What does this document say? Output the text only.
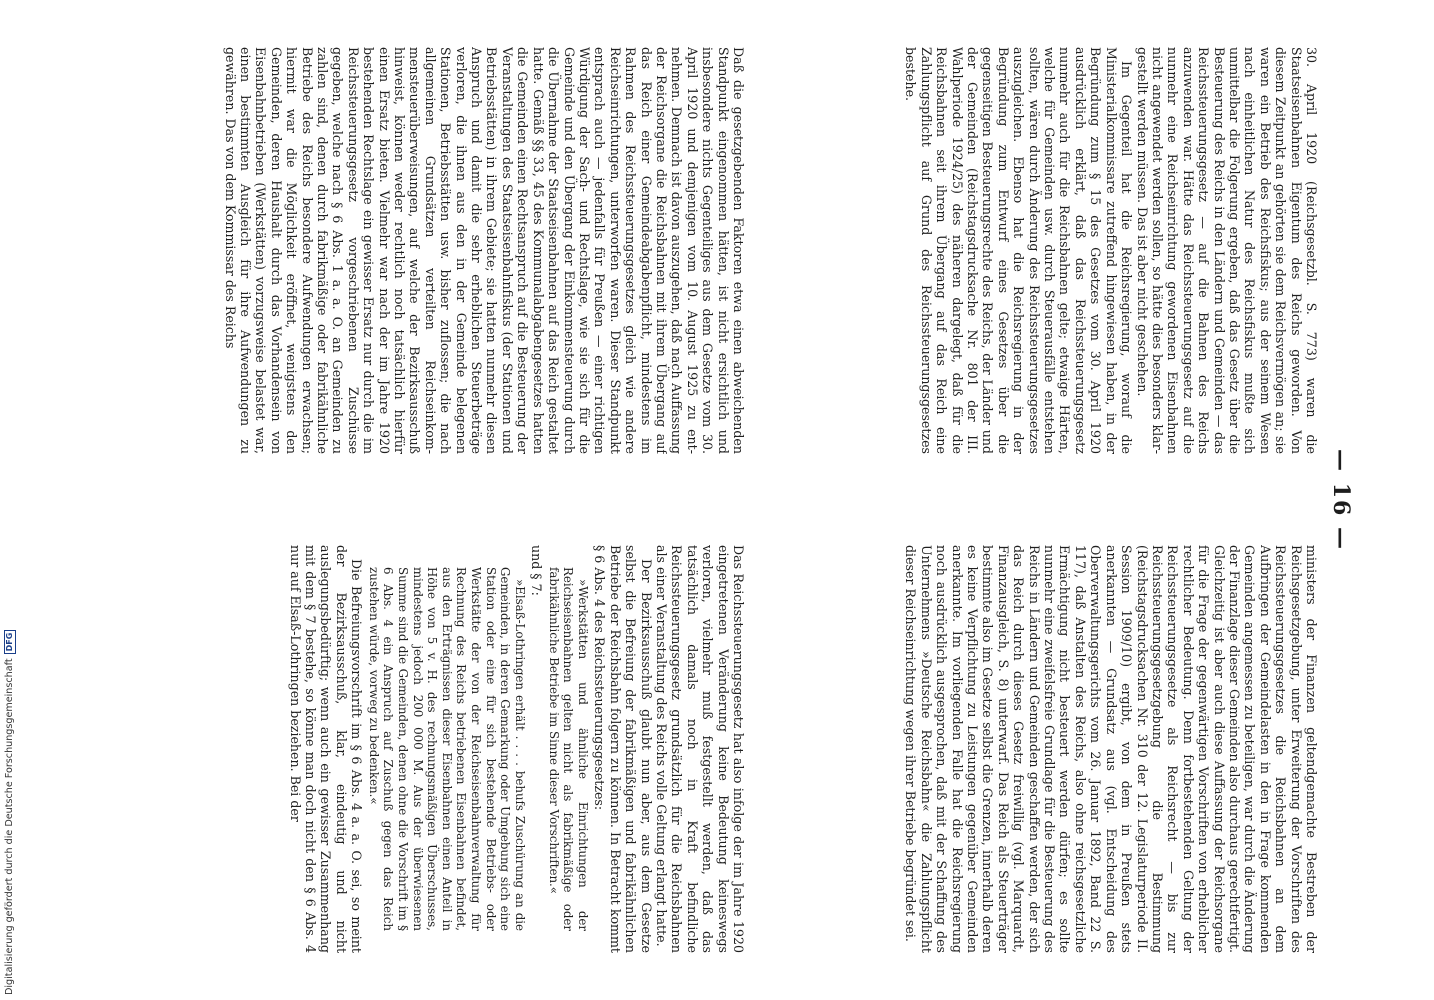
— 16 —

30. April 1920 (Reichsgesetzbl. S. 773) waren die Staatseisenbahnen Eigentum des Reichs geworden. Von diesem Zeitpunkt an gehörten sie dem Reichsvermögen an; sie waren ein Betrieb des Reichsfiskus; aus der seinem Wesen nach einheitlichen Natur des Reichsfiskus mußte sich unmittelbar die Folgerung ergeben, daß das Gesetz über die Besteuerung des Reichs in den Ländern und Gemeinden — das Reichssteuerungsgesetz — auf die Bahnen des Reichs anzuwenden war. Hätte das Reichssteuerungsgesetz auf die nunmehr eine Reichseinrichtung gewordenen Eisenbahnen nicht angewendet werden sollen, so hätte dies besonders klargestellt werden müssen. Das ist aber nicht geschehen.

Im Gegenteil hat die Reichsregierung, worauf die Ministerialkommissare zutreffend hingewiesen haben, in der Begründung zum § 15 des Gesetzes vom 30. April 1920 ausdrücklich erklärt, daß das Reichssteuerungsgesetz nunmehr auch für die Reichsbahnen gelte; etwaige Härten, welche für Gemeinden usw. durch Steuerausfälle entstehen sollten, wären durch Änderung des Reichssteuerungsgesetzes auszugleichen. Ebenso hat die Reichsregierung in der Begründung zum Entwurf eines Gesetzes über die gegenseitigen Besteuerungsrechte des Reichs, der Länder und der Gemeinden (Reichstagsdrucksache Nr. 801 der III. Wahlperiode 1924/25) des näheren dargelegt, daß für die Reichsbahnen seit ihrem Übergang auf das Reich eine Zahlungspflicht auf Grund des Reichssteuerungsgesetzes bestehe.

Daß die gesetzgebenden Faktoren etwa einen abweichenden Standpunkt eingenommen hätten, ist nicht ersichtlich und insbesondere nichts Gegenteiliges aus dem Gesetze vom 30. April 1920 und demjenigen vom 10. August 1925 zu entnehmen. Demnach ist davon auszugehen, daß nach Auffassung der Reichsorgane die Reichsbahnen mit ihrem Übergang auf das Reich einer Gemeindeabgabenpflicht, mindestens im Rahmen des Reichssteuerungsgesetzes gleich wie andere Reichseinrichtungen, unterworfen waren. Dieser Standpunkt entsprach auch — jedenfalls für Preußen — einer richtigen Würdigung der Sach- und Rechtslage, wie sie sich für die Gemeinde und den Übergang der Einkommensteuerung durch die Übernahme der Staatseisenbahnen auf das Reich gestaltet hatte. Gemäß §§ 33, 45 des Kommunalabgabengesetzes hatten die Gemeinden einen Rechtsanspruch auf die Besteuerung der Veranstaltungen des Staatseisenbahnfiskus (der Stationen und Betriebsstätten) in ihrem Gebiete; sie hatten nunmehr diesen Anspruch und damit die sehr erheblichen Steuerbeträge verloren, die ihnen aus den in der Gemeinde belegenen Stationen, Betriebsstätten usw. bisher zuflossen; die nach allgemeinen Grundsätzen verteilten Reichseinkommensteuerüberweisungen, auf welche der Bezirksausschuß hinweist, können weder rechtlich noch tatsächlich hierfür einen Ersatz bieten. Vielmehr war nach der im Jahre 1920 bestehenden Rechtslage ein gewisser Ersatz nur durch die im Reichssteuerungsgesetz vorgeschriebenen Zuschüsse gegeben, welche nach § 6 Abs. 1 a. a. O. an Gemeinden zu zahlen sind, denen durch fabrikmäßige oder fabrikähnliche Betriebe des Reichs besondere Aufwendungen erwachsen; hiermit war die Möglichkeit eröffnet, wenigstens den Gemeinden, deren Haushalt durch das Vorhandensein von Eisenbahnbetrieben (Werkstätten) vorzugsweise belastet war, einen bestimmten Ausgleich für ihre Aufwendungen zu gewähren. Das von dem Kommissar des Reichs

ministers der Finanzen geltendgemachte Bestreben der Reichsgesetzgebung, unter Erweiterung der Vorschriften des Reichssteuerungsgesetzes die Reichsbahnen an dem Aufbringen der Gemeindelasten in den in Frage kommenden Gemeinden angemessen zu beteiligen, war durch die Änderung der Finanzlage dieser Gemeinden also durchaus gerechtfertigt. Gleichzeitig ist aber auch diese Auffassung der Reichsorgane für die Frage der gegenwärtigen Vorschriften von erheblicher rechtlicher Bedeutung. Denn fortbestehenden Geltung der Reichssteuerungsgesetze als Reichsrecht — bis zur Reichssteuerungsgesetzgebung die Bestimmung (Reichstagsdrucksachen Nr. 310 der 12. Legislaturperiode II. Session 1909/10) ergibt, von dem in Preußen stets anerkannten — Grundsatz aus (vgl. Entscheidung des Oberverwaltungsgerichts vom 26. Januar 1892, Band 22 S. 117), daß Anstalten des Reichs, also ohne reichsgesetzliche Ermächtigung nicht besteuert werden dürfen; es sollte nunmehr eine zweifelsfreie Grundlage für die Besteuerung des Reichs in Ländern und Gemeinden geschaffen werden, der sich das Reich durch dieses Gesetz freiwillig (vgl. Marquardt, Finanzausgleich, S. 8) unterwarf. Das Reich als Steuerträger bestimmte also im Gesetze selbst die Grenzen, innerhalb deren es keine Verpflichtung zu Leistungen gegenüber Gemeinden anerkannte. Im vorliegenden Falle hat die Reichsregierung noch ausdrücklich ausgesprochen, daß mit der Schaffung des Unternehmens »Deutsche Reichsbahn« die Zahlungspflicht dieser Reichseinrichtung wegen ihrer Betriebe begründet sei.

Das Reichssteuerungsgesetz hat also infolge der im Jahre 1920 eingetretenen Veränderung keine Bedeutung keineswegs verloren, vielmehr muß festgestellt werden, daß das tatsächlich damals noch in Kraft befindliche Reichssteuerungsgesetz grundsätzlich für die Reichsbahnen als einer Veranstaltung des Reichs volle Geltung erlangt hatte.

Der Bezirksausschuß glaubt nun aber, aus dem Gesetze selbst die Befreiung der fabrikmäßigen und fabrikähnlichen Betriebe der Reichsbahn folgern zu können. In Betracht kommt § 6 Abs. 4 des Reichssteuerungsgesetzes:

»Werkstätten und ähnliche Einrichtungen der Reichseisenbahnen gelten nicht als fabrikmäßige oder fabrikähnliche Betriebe im Sinne dieser Vorschriften.«

und § 7:

»Elsaß-Lothringen erhält . . . . behufs Zuschürung an die Gemeinden, in deren Gemarkung oder Umgebung sich eine Station oder eine für sich bestehende Betriebs- oder Werkstätte der von der Reichseisenbahnverwaltung für Rechnung des Reichs betriebenen Eisenbahnen befindet, aus den Erträgnissen dieser Eisenbahnen einen Anteil in Höhe von 5 v. H. des rechnungsmäßigen Überschusses, mindestens jedoch 200 000 M. Aus der überwiesenen Summe sind die Gemeinden, denen ohne die Vorschrift im § 6 Abs. 4 ein Anspruch auf Zuschuß gegen das Reich zustehen würde, vorweg zu bedenken.«

Die Befreiungsvorschrift im § 6 Abs. 4 a. a. O. sei, so meint der Bezirksausschuß, klar, eindeutig und nicht auslegungsbedürftig; wenn auch ein gewisser Zusammenhang mit dem § 7 bestehe, so könne man doch nicht den § 6 Abs. 4 nur auf Elsaß-Lothringen beziehen. Bei der

Digitalisierung gefördert durch die Deutsche Forschungsgemeinschaft
DFG
